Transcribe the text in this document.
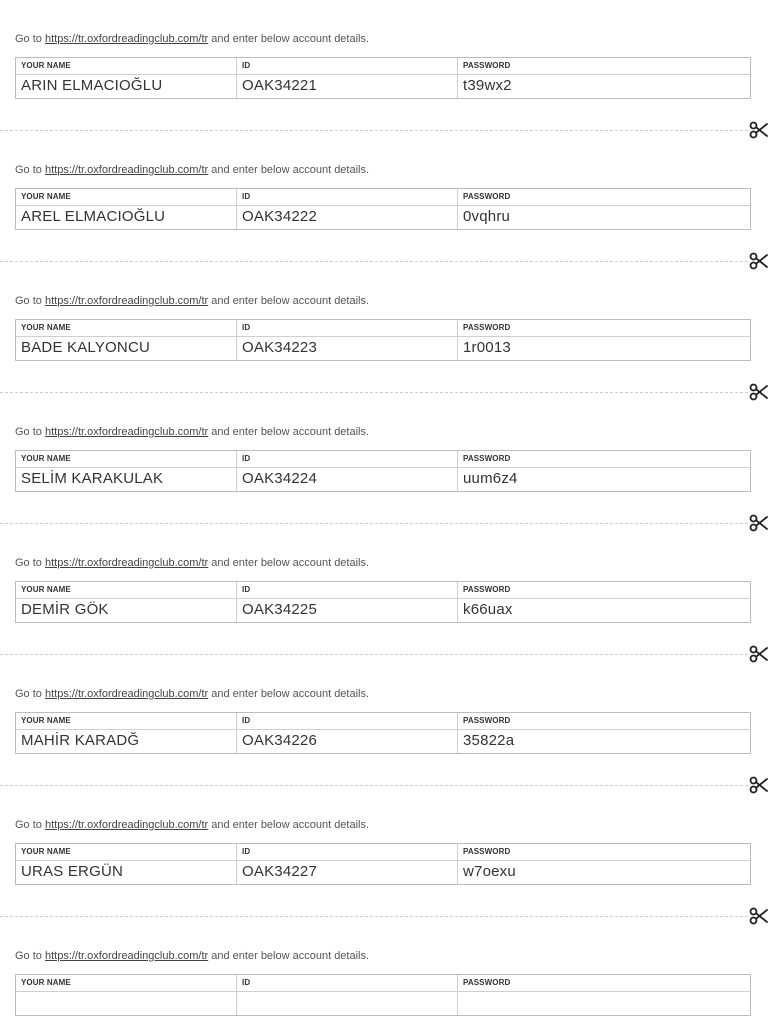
Go to https://tr.oxfordreadingclub.com/tr and enter below account details.
YOUR NAME	ID	PASSWORD
ARIN ELMACIOĞLU	OAK34221	t39wx2
Go to https://tr.oxfordreadingclub.com/tr and enter below account details.
YOUR NAME	ID	PASSWORD
AREL ELMACIOĞLU	OAK34222	0vqhru
Go to https://tr.oxfordreadingclub.com/tr and enter below account details.
YOUR NAME	ID	PASSWORD
BADE KALYONCU	OAK34223	1r0013
Go to https://tr.oxfordreadingclub.com/tr and enter below account details.
YOUR NAME	ID	PASSWORD
SELİM KARAKULAK	OAK34224	uum6z4
Go to https://tr.oxfordreadingclub.com/tr and enter below account details.
YOUR NAME	ID	PASSWORD
DEMİR GÖK	OAK34225	k66uax
Go to https://tr.oxfordreadingclub.com/tr and enter below account details.
YOUR NAME	ID	PASSWORD
MAHİR KARADĞ	OAK34226	35822a
Go to https://tr.oxfordreadingclub.com/tr and enter below account details.
YOUR NAME	ID	PASSWORD
URAS ERGÜN	OAK34227	w7oexu
Go to https://tr.oxfordreadingclub.com/tr and enter below account details.
YOUR NAME	ID	PASSWORD
